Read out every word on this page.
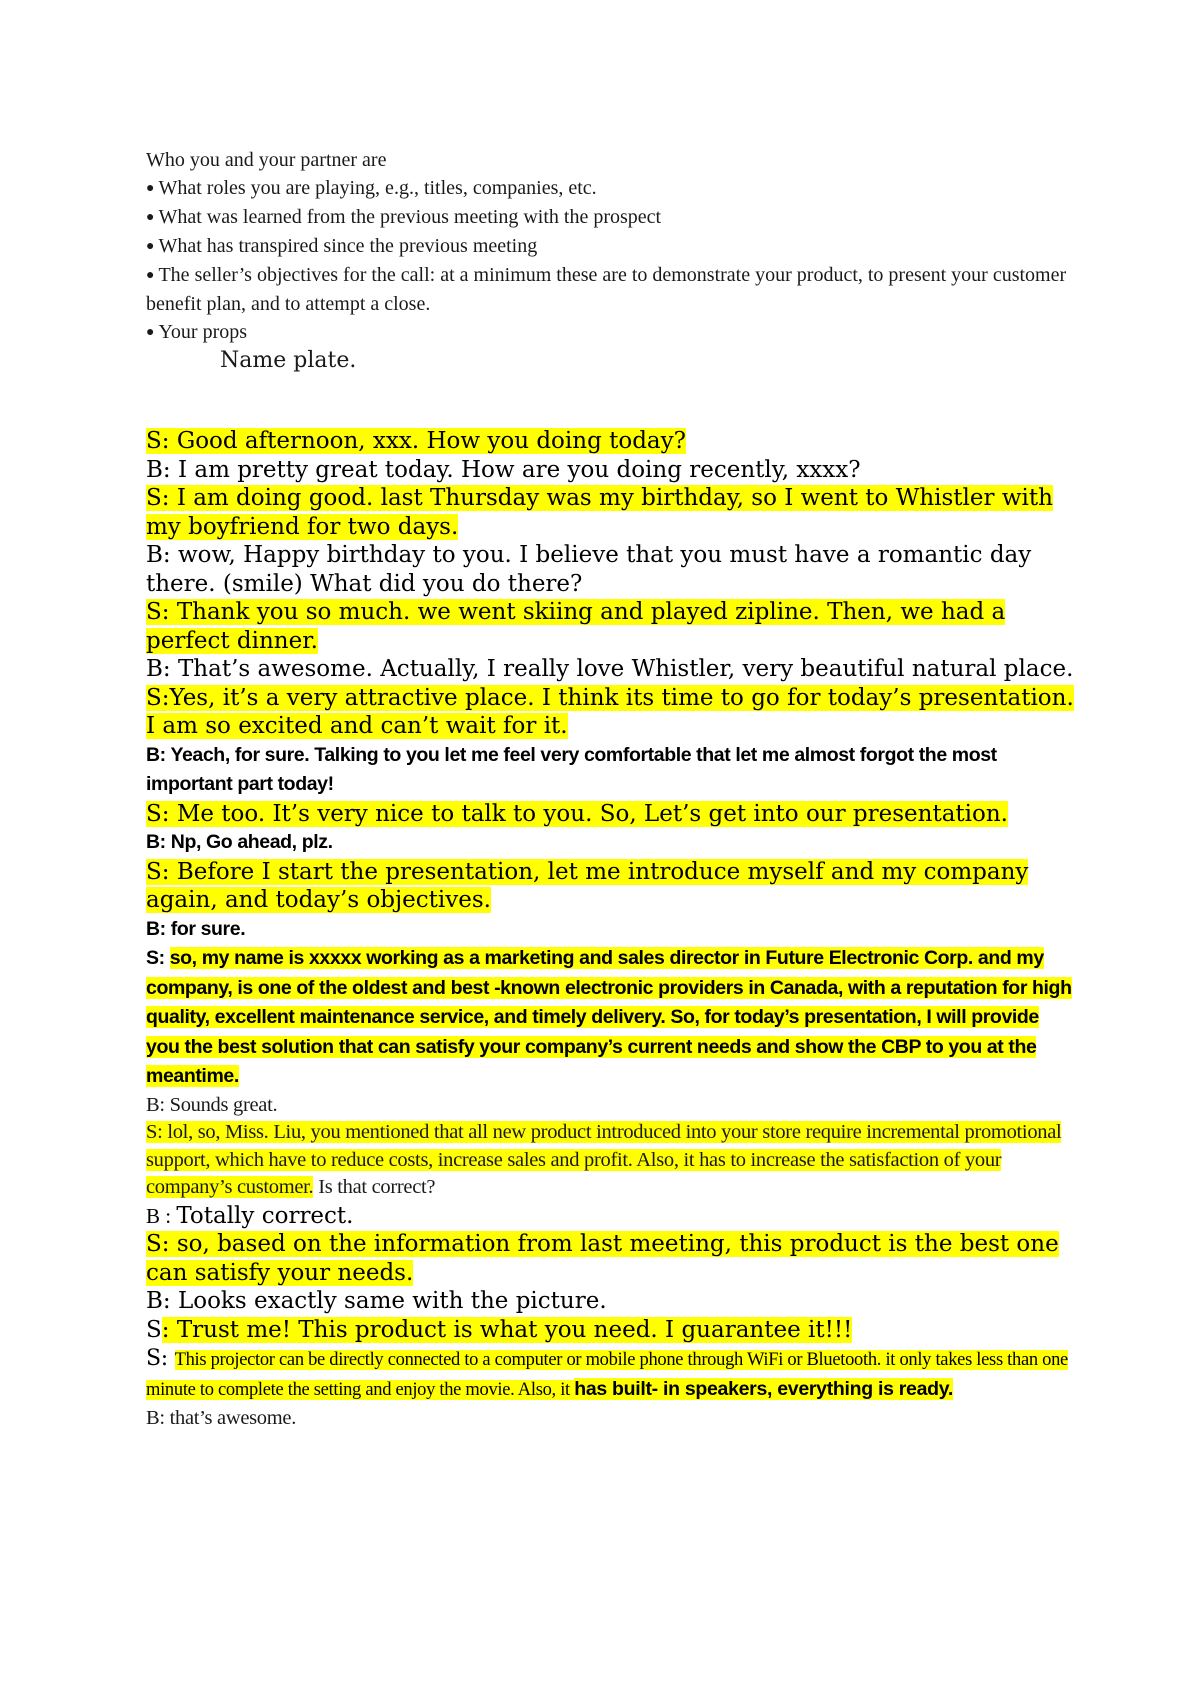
Who you and your partner are
● What roles you are playing, e.g., titles, companies, etc.
● What was learned from the previous meeting with the prospect
● What has transpired since the previous meeting
● The seller’s objectives for the call: at a minimum these are to demonstrate your product, to present your customer benefit plan, and to attempt a close.
● Your props
Name plate.
S: Good afternoon, xxx. How you doing today?
B: I am pretty great today. How are you doing recently, xxxx?
S: I am doing good. last Thursday was my birthday, so I went to Whistler with my boyfriend for two days.
B: wow, Happy birthday to you. I believe that you must have a romantic day there. (smile) What did you do there?
S: Thank you so much. we went skiing and played zipline. Then, we had a perfect dinner.
B: That’s awesome. Actually, I really love Whistler, very beautiful natural place.
S:Yes, it’s a very attractive place. I think its time to go for today’s presentation. I am so excited and can’t wait for it.
B: Yeach, for sure. Talking to you let me feel very comfortable that let me almost forgot the most important part today!
S: Me too. It’s very nice to talk to you. So, Let’s get into our presentation.
B: Np, Go ahead, plz.
S: Before I start the presentation, let me introduce myself and my company again, and today’s objectives.
B: for sure.
S: so, my name is xxxxx working as a marketing and sales director in Future Electronic Corp. and my company, is one of the oldest and best -known electronic providers in Canada, with a reputation for high quality, excellent maintenance service, and timely delivery. So, for today’s presentation, I will provide you the best solution that can satisfy your company’s current needs and show the CBP to you at the meantime.
B: Sounds great.
S: lol, so, Miss. Liu, you mentioned that all new product introduced into your store require incremental promotional support, which have to reduce costs, increase sales and profit. Also, it has to increase the satisfaction of your company’s customer. Is that correct?
B : Totally correct.
S: so, based on the information from last meeting, this product is the best one can satisfy your needs.
B: Looks exactly same with the picture.
S: Trust me! This product is what you need. I guarantee it!!!
S: This projector can be directly connected to a computer or mobile phone through WiFi or Bluetooth. it only takes less than one minute to complete the setting and enjoy the movie. Also, it has built- in speakers, everything is ready.
B: that’s awesome.
